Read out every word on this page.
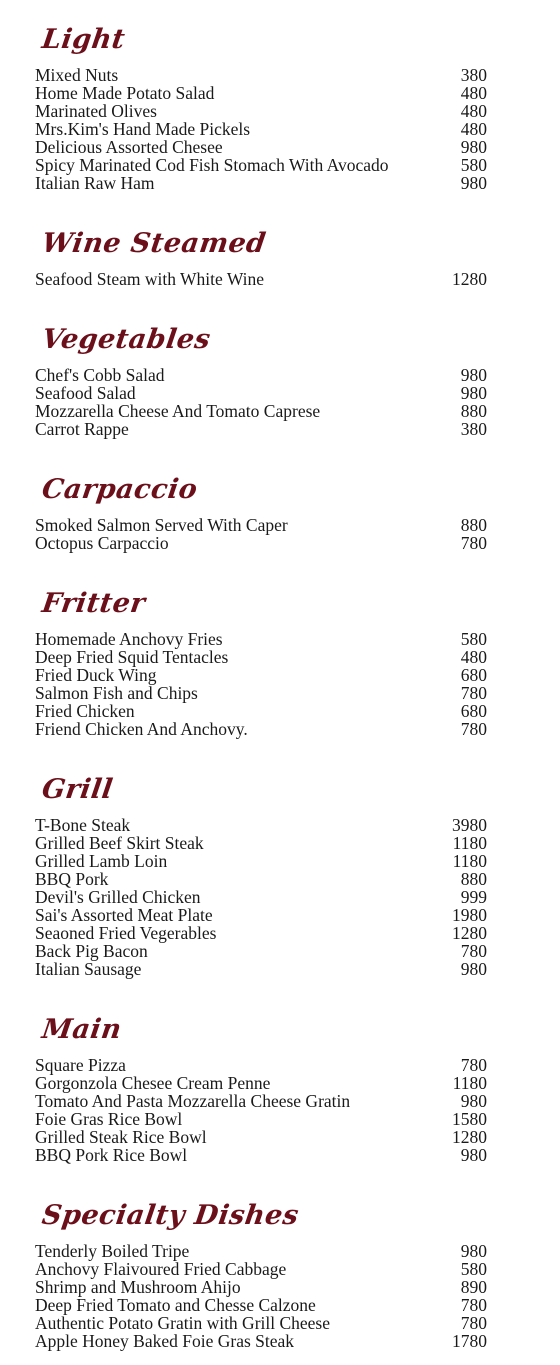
Light
Mixed Nuts	380
Home Made Potato Salad	480
Marinated Olives	480
Mrs.Kim's Hand Made Pickels	480
Delicious Assorted Chesee	980
Spicy Marinated Cod Fish Stomach With Avocado	580
Italian Raw Ham	980
Wine Steamed
Seafood Steam with White Wine	1280
Vegetables
Chef's Cobb Salad	980
Seafood Salad	980
Mozzarella Cheese And Tomato Caprese	880
Carrot Rappe	380
Carpaccio
Smoked Salmon Served With Caper	880
Octopus Carpaccio	780
Fritter
Homemade Anchovy Fries	580
Deep Fried Squid Tentacles	480
Fried Duck Wing	680
Salmon Fish and Chips	780
Fried Chicken	680
Friend Chicken And Anchovy.	780
Grill
T-Bone Steak	3980
Grilled Beef Skirt Steak	1180
Grilled Lamb Loin	1180
BBQ Pork	880
Devil's Grilled Chicken	999
Sai's Assorted Meat Plate	1980
Seaoned Fried Vegerables	1280
Back Pig Bacon	780
Italian Sausage	980
Main
Square Pizza	780
Gorgonzola Chesee Cream Penne	1180
Tomato And Pasta Mozzarella Cheese Gratin	980
Foie Gras Rice Bowl	1580
Grilled Steak Rice Bowl	1280
BBQ Pork Rice Bowl	980
Specialty Dishes
Tenderly Boiled Tripe	980
Anchovy Flaivoured Fried Cabbage	580
Shrimp and Mushroom Ahijo	890
Deep Fried Tomato and Chesse Calzone	780
Authentic Potato Gratin with Grill Cheese	780
Apple Honey Baked Foie Gras Steak	1780
